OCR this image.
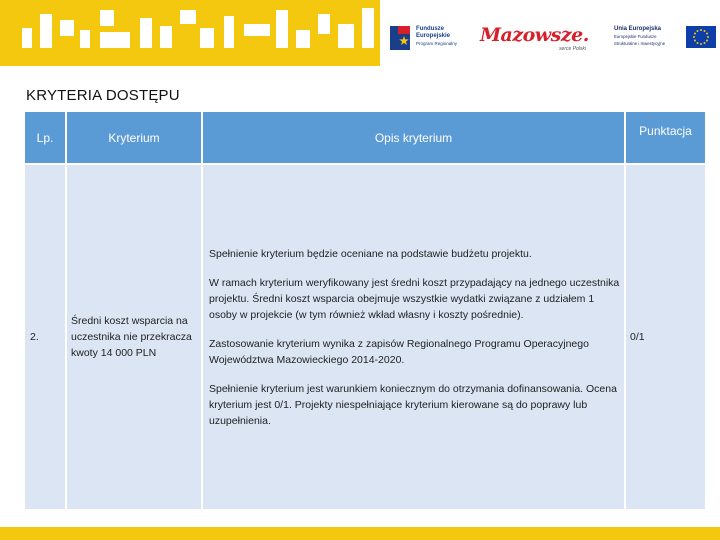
Fundusze
Europejskie
Program Regionalny Mazowsze.
serce Polski
Unia Europejska
Europejskie Fundusze
Strukturalne i Inwestycyjne
KRYTERIA DOSTĘPU
Lp.	Kryterium	Opis kryterium	Punktacja
2.	Średni koszt wsparcia na uczestnika nie przekracza kwoty 14 000 PLN	Spełnienie kryterium będzie oceniane na podstawie budżetu projektu.

W ramach kryterium weryfikowany jest średni koszt przypadający na jednego uczestnika projektu. Średni koszt wsparcia obejmuje wszystkie wydatki związane z udziałem 1 osoby w projekcie (w tym również wkład własny i koszty pośrednie).

Zastosowanie kryterium wynika z zapisów Regionalnego Programu Operacyjnego Województwa Mazowieckiego 2014-2020.

Spełnienie kryterium jest warunkiem koniecznym do otrzymania dofinansowania. Ocena kryterium jest 0/1. Projekty niespełniające kryterium kierowane są do poprawy lub uzupełnienia.	0/1
